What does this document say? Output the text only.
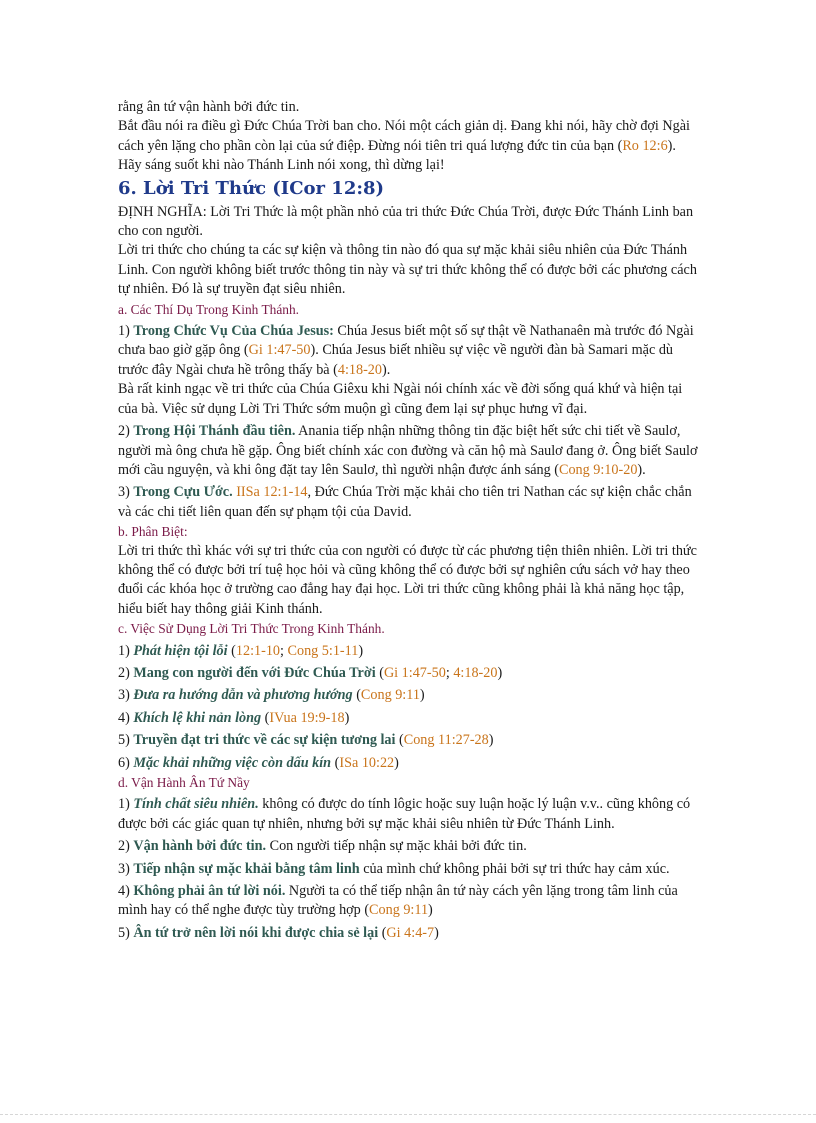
rằng ân tứ vận hành bởi đức tin.

Bắt đầu nói ra điều gì Đức Chúa Trời ban cho. Nói một cách giản dị. Đang khi nói, hãy chờ đợi Ngài cách yên lặng cho phần còn lại của sứ điệp. Đừng nói tiên tri quá lượng đức tin của bạn (Ro 12:6). Hãy sáng suốt khi nào Thánh Linh nói xong, thì dừng lại!

6. Lời Tri Thức (ICor 12:8)

ĐỊNH NGHĨA: Lời Tri Thức là một phần nhỏ của tri thức Đức Chúa Trời, được Đức Thánh Linh ban cho con người.

Lời tri thức cho chúng ta các sự kiện và thông tin nào đó qua sự mặc khải siêu nhiên của Đức Thánh Linh. Con người không biết trước thông tin này và sự tri thức không thể có được bởi các phương cách tự nhiên. Đó là sự truyền đạt siêu nhiên.

a. Các Thí Dụ Trong Kinh Thánh.

1) Trong Chức Vụ Của Chúa Jesus: Chúa Jesus biết một số sự thật về Nathanaên mà trước đó Ngài chưa bao giờ gặp ông (Gi 1:47-50). Chúa Jesus biết nhiều sự việc về người đàn bà Samari mặc dù trước đây Ngài chưa hề trông thấy bà (4:18-20).

Bà rất kinh ngạc về tri thức của Chúa Giêxu khi Ngài nói chính xác về đời sống quá khứ và hiện tại của bà. Việc sử dụng Lời Tri Thức sớm muộn gì cũng đem lại sự phục hưng vĩ đại.

2) Trong Hội Thánh đầu tiên. Anania tiếp nhận những thông tin đặc biệt hết sức chi tiết về Saulơ, người mà ông chưa hề gặp. Ông biết chính xác con đường và căn hộ mà Saulơ đang ở. Ông biết Saulơ mới cầu nguyện, và khi ông đặt tay lên Saulơ, thì người nhận được ánh sáng (Cong 9:10-20).

3) Trong Cựu Ước. IISa 12:1-14, Đức Chúa Trời mặc khải cho tiên tri Nathan các sự kiện chắc chắn và các chi tiết liên quan đến sự phạm tội của David.

b. Phân Biệt:

Lời tri thức thì khác với sự tri thức của con người có được từ các phương tiện thiên nhiên. Lời tri thức không thể có được bởi trí tuệ học hỏi và cũng không thể có được bởi sự nghiên cứu sách vở hay theo đuổi các khóa học ở trường cao đẳng hay đại học. Lời tri thức cũng không phải là khả năng học tập, hiểu biết hay thông giải Kinh thánh.

c. Việc Sử Dụng Lời Tri Thức Trong Kinh Thánh.

1) Phát hiện tội lỗi (12:1-10; Cong 5:1-11)

2) Mang con người đến với Đức Chúa Trời (Gi 1:47-50; 4:18-20)

3) Đưa ra hướng dẫn và phương hướng (Cong 9:11)

4) Khích lệ khi nản lòng (IVua 19:9-18)

5) Truyền đạt tri thức về các sự kiện tương lai (Cong 11:27-28)

6) Mặc khải những việc còn dấu kín (ISa 10:22)

d. Vận Hành Ân Tứ Nầy

1) Tính chất siêu nhiên. không có được do tính lôgic hoặc suy luận hoặc lý luận v.v.. cũng không có được bởi các giác quan tự nhiên, nhưng bởi sự mặc khải siêu nhiên từ Đức Thánh Linh.

2) Vận hành bởi đức tin. Con người tiếp nhận sự mặc khải bởi đức tin.

3) Tiếp nhận sự mặc khải bằng tâm linh của mình chứ không phải bởi sự tri thức hay cảm xúc.

4) Không phải ân tứ lời nói. Người ta có thể tiếp nhận ân tứ này cách yên lặng trong tâm linh của mình hay có thể nghe được tùy trường hợp (Cong 9:11)

5) Ân tứ trở nên lời nói khi được chia sẻ lại (Gi 4:4-7)
